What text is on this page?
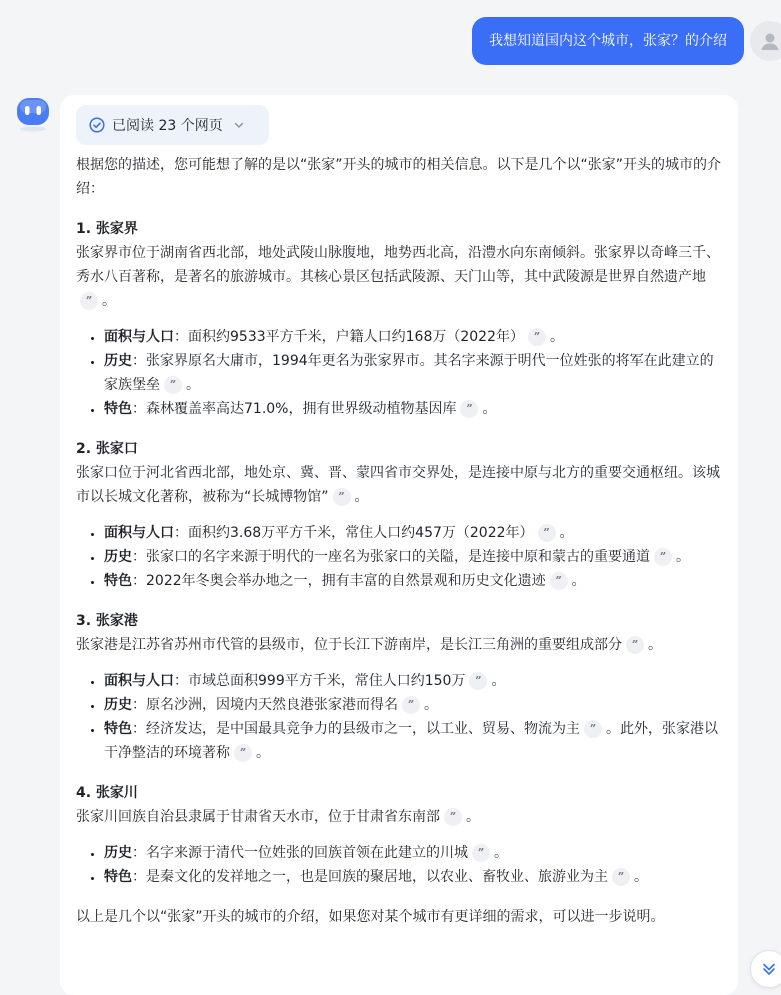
我想知道国内这个城市，张家？的介绍
已阅读 23 个网页

根据您的描述，您可能想了解的是以“张家”开头的城市的相关信息。以下是几个以“张家”开头的城市的介绍：

1. 张家界

张家界市位于湖南省西北部，地处武陵山脉腹地，地势西北高，沿澧水向东南倾斜。张家界以奇峰三千、秀水八百著称，是著名的旅游城市。其核心景区包括武陵源、天门山等，其中武陵源是世界自然遗产地” 。

• 面积与人口：面积约9533平方千米，户籍人口约168万（2022年） ” 。
• 历史：张家界原名大庸市，1994年更名为张家界市。其名字来源于明代一位姓张的将军在此建立的家族堡垒 ” 。
• 特色：森林覆盖率高达71.0%，拥有世界级动植物基因库 ” 。

2. 张家口

张家口位于河北省西北部，地处京、冀、晋、蒙四省市交界处，是连接中原与北方的重要交通枢纽。该城市以长城文化著称，被称为“长城博物馆” ” 。

• 面积与人口：面积约3.68万平方千米，常住人口约457万（2022年） ” 。
• 历史：张家口的名字来源于明代的一座名为张家口的关隘，是连接中原和蒙古的重要通道 ” 。
• 特色：2022年冬奥会举办地之一，拥有丰富的自然景观和历史文化遗迹 ” 。

3. 张家港

张家港是江苏省苏州市代管的县级市，位于长江下游南岸，是长江三角洲的重要组成部分 ” 。

• 面积与人口：市域总面积999平方千米，常住人口约150万 ” 。
• 历史：原名沙洲，因境内天然良港张家港而得名 ” 。
• 特色：经济发达，是中国最具竞争力的县级市之一，以工业、贸易、物流为主 ” 。此外，张家港以干净整洁的环境著称 ” 。

4. 张家川

张家川回族自治县隶属于甘肃省天水市，位于甘肃省东南部 ” 。

• 历史：名字来源于清代一位姓张的回族首领在此建立的川城 ” 。
• 特色：是秦文化的发祥地之一，也是回族的聚居地，以农业、畜牧业、旅游业为主 ” 。

以上是几个以“张家”开头的城市的介绍，如果您对某个城市有更详细的需求，可以进一步说明。
